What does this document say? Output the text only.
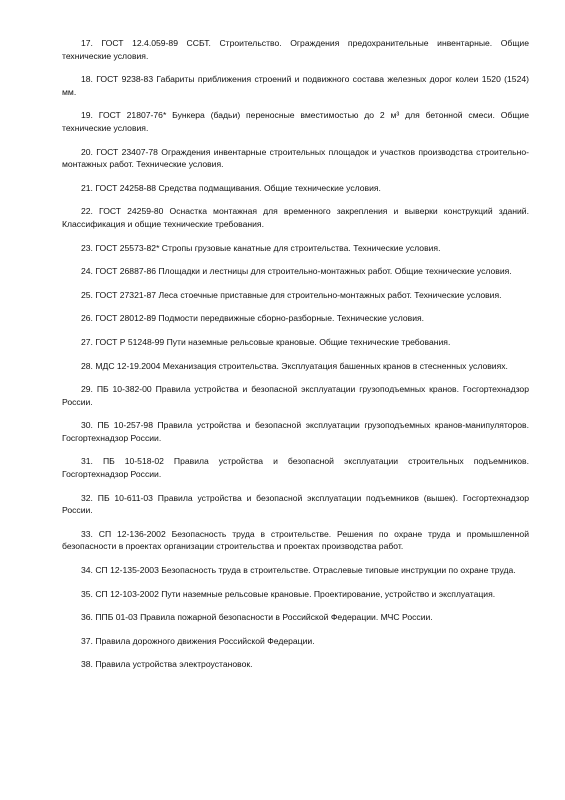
17. ГОСТ 12.4.059-89 ССБТ. Строительство. Ограждения предохранительные инвентарные. Общие технические условия.
18. ГОСТ 9238-83 Габариты приближения строений и подвижного состава железных дорог колеи 1520 (1524) мм.
19. ГОСТ 21807-76* Бункера (бадьи) переносные вместимостью до 2 м³ для бетонной смеси. Общие технические условия.
20. ГОСТ 23407-78 Ограждения инвентарные строительных площадок и участков производства строительно-монтажных работ. Технические условия.
21. ГОСТ 24258-88 Средства подмащивания. Общие технические условия.
22. ГОСТ 24259-80 Оснастка монтажная для временного закрепления и выверки конструкций зданий. Классификация и общие технические требования.
23. ГОСТ 25573-82* Стропы грузовые канатные для строительства. Технические условия.
24. ГОСТ 26887-86 Площадки и лестницы для строительно-монтажных работ. Общие технические условия.
25. ГОСТ 27321-87 Леса стоечные приставные для строительно-монтажных работ. Технические условия.
26. ГОСТ 28012-89 Подмости передвижные сборно-разборные. Технические условия.
27. ГОСТ Р 51248-99 Пути наземные рельсовые крановые. Общие технические требования.
28. МДС 12-19.2004 Механизация строительства. Эксплуатация башенных кранов в стесненных условиях.
29. ПБ 10-382-00 Правила устройства и безопасной эксплуатации грузоподъемных кранов. Госгортехнадзор России.
30. ПБ 10-257-98 Правила устройства и безопасной эксплуатации грузоподъемных кранов-манипуляторов. Госгортехнадзор России.
31. ПБ 10-518-02 Правила устройства и безопасной эксплуатации строительных подъемников. Госгортехнадзор России.
32. ПБ 10-611-03 Правила устройства и безопасной эксплуатации подъемников (вышек). Госгортехнадзор России.
33. СП 12-136-2002 Безопасность труда в строительстве. Решения по охране труда и промышленной безопасности в проектах организации строительства и проектах производства работ.
34. СП 12-135-2003 Безопасность труда в строительстве. Отраслевые типовые инструкции по охране труда.
35. СП 12-103-2002 Пути наземные рельсовые крановые. Проектирование, устройство и эксплуатация.
36. ППБ 01-03 Правила пожарной безопасности в Российской Федерации. МЧС России.
37. Правила дорожного движения Российской Федерации.
38. Правила устройства электроустановок.
